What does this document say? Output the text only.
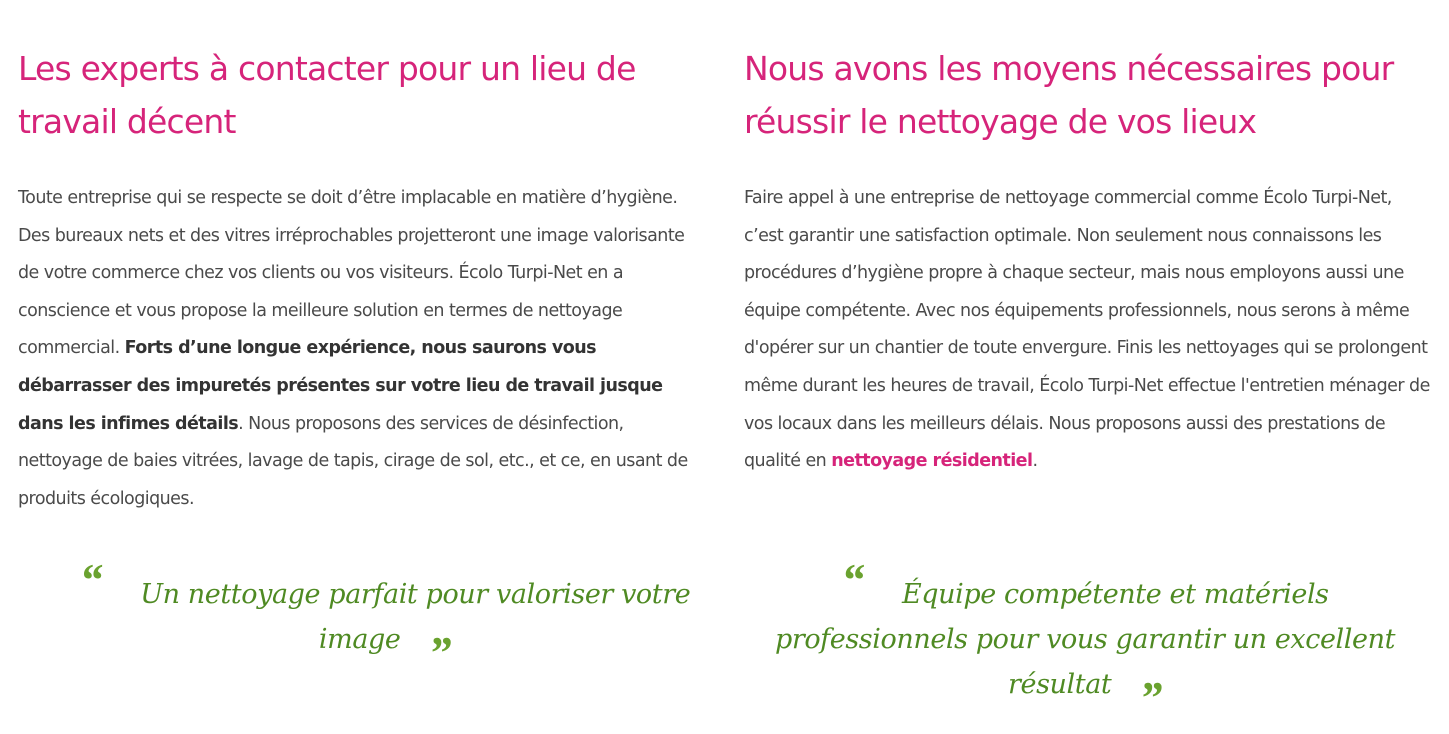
Les experts à contacter pour un lieu de travail décent

Toute entreprise qui se respecte se doit d’être implacable en matière d’hygiène. Des bureaux nets et des vitres irréprochables projetteront une image valorisante de votre commerce chez vos clients ou vos visiteurs. Écolo Turpi-Net en a conscience et vous propose la meilleure solution en termes de nettoyage commercial. Forts d’une longue expérience, nous saurons vous débarrasser des impuretés présentes sur votre lieu de travail jusque dans les infimes détails. Nous proposons des services de désinfection, nettoyage de baies vitrées, lavage de tapis, cirage de sol, etc., et ce, en usant de produits écologiques.

Nous avons les moyens nécessaires pour réussir le nettoyage de vos lieux

Faire appel à une entreprise de nettoyage commercial comme Écolo Turpi-Net, c’est garantir une satisfaction optimale. Non seulement nous connaissons les procédures d’hygiène propre à chaque secteur, mais nous employons aussi une équipe compétente. Avec nos équipements professionnels, nous serons à même d'opérer sur un chantier de toute envergure. Finis les nettoyages qui se prolongent même durant les heures de travail, Écolo Turpi-Net effectue l'entretien ménager de vos locaux dans les meilleurs délais. Nous proposons aussi des prestations de qualité en nettoyage résidentiel.

“ Un nettoyage parfait pour valoriser votre image ”
“ Équipe compétente et matériels professionnels pour vous garantir un excellent résultat ”
